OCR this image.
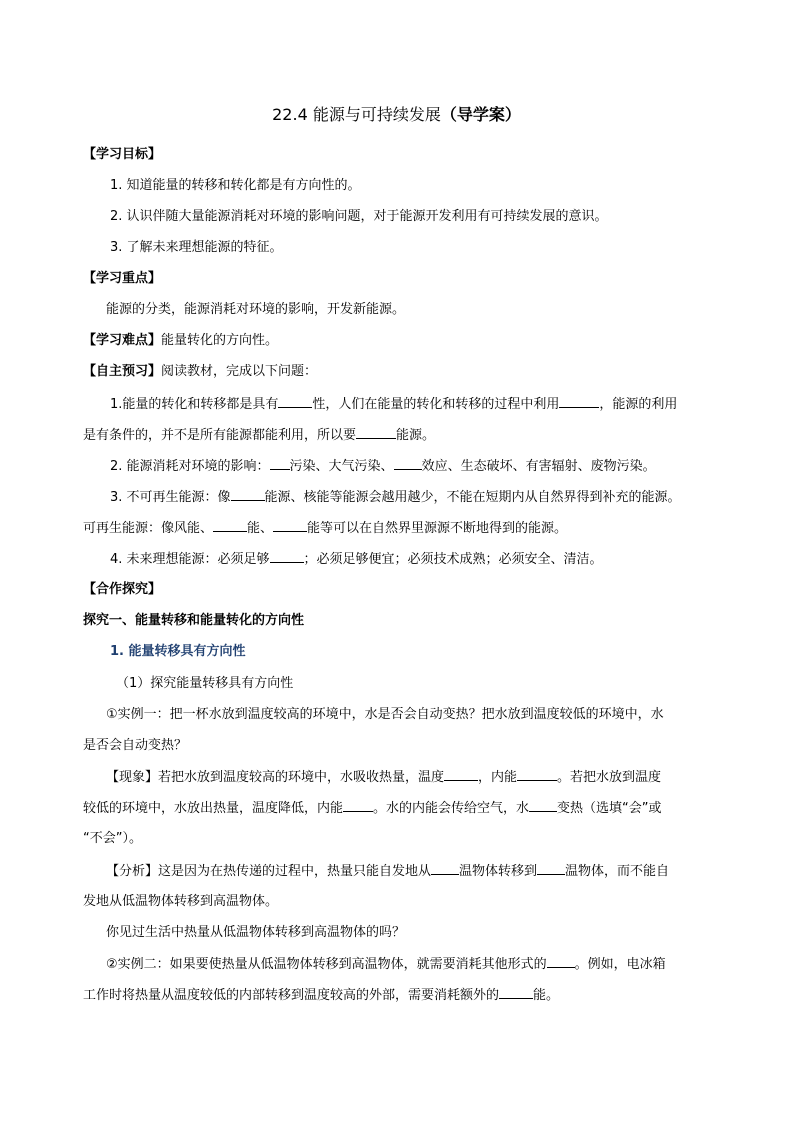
22.4 能源与可持续发展（导学案）

【学习目标】

1. 知道能量的转移和转化都是有方向性的。

2. 认识伴随大量能源消耗对环境的影响问题，对于能源开发利用有可持续发展的意识。

3. 了解未来理想能源的特征。

【学习重点】

能源的分类，能源消耗对环境的影响，开发新能源。

【学习难点】能量转化的方向性。

【自主预习】阅读教材，完成以下问题：

1.能量的转化和转移都是具有	性，人们在能量的转化和转移的过程中利用	，能源的利用

是有条件的，并不是所有能源都能利用，所以要	能源。

2. 能源消耗对环境的影响： 污染、大气污染、 效应、生态破坏、有害辐射、废物污染。

3. 不可再生能源：像	能源、核能等能源会越用越少，不能在短期内从自然界得到补充的能源。

可再生能源：像风能、	能、	能等可以在自然界里源源不断地得到的能源。

4. 未来理想能源：必须足够	；必须足够便宜；必须技术成熟；必须安全、清洁。

【合作探究】

探究一、能量转移和能量转化的方向性

1. 能量转移具有方向性

（1）探究能量转移具有方向性

①实例一：把一杯水放到温度较高的环境中，水是否会自动变热？把水放到温度较低的环境中，水

是否会自动变热？

【现象】若把水放到温度较高的环境中，水吸收热量，温度	，内能	。若把水放到温度

较低的环境中，水放出热量，温度降低，内能 。水的内能会传给空气，水 变热（选填“会”或

“不会”）。

【分析】这是因为在热传递的过程中，热量只能自发地从 温物体转移到 温物体，而不能自

发地从低温物体转移到高温物体。

你见过生活中热量从低温物体转移到高温物体的吗？

②实例二：如果要使热量从低温物体转移到高温物体，就需要消耗其他形式的 。例如，电冰箱

工作时将热量从温度较低的内部转移到温度较高的外部，需要消耗额外的	能。
